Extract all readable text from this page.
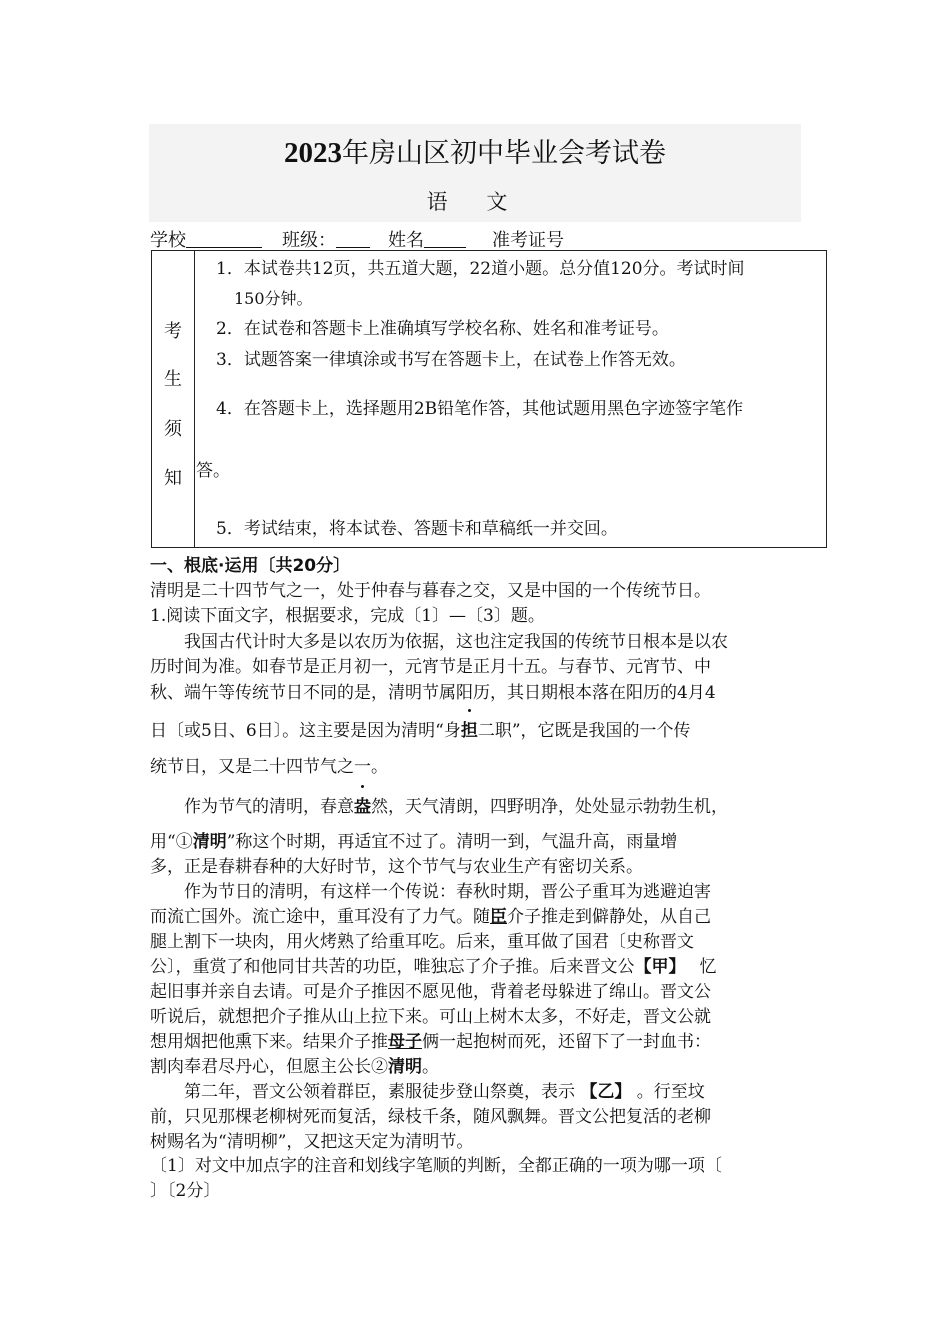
2023年房山区初中毕业会考试卷
语 文
学校	班级：	姓名	准考证号
考
生
须
知
1．本试卷共12页，共五道大题，22道小题。总分值120分。考试时间
150分钟。
2．在试卷和答题卡上准确填写学校名称、姓名和准考证号。
3．试题答案一律填涂或书写在答题卡上，在试卷上作答无效。
4．在答题卡上，选择题用2B铅笔作答，其他试题用黑色字迹签字笔作
答。
5．考试结束，将本试卷、答题卡和草稿纸一并交回。
一、根底·运用〔共20分〕
清明是二十四节气之一，处于仲春与暮春之交，又是中国的一个传统节日。
1.阅读下面文字，根据要求，完成〔1〕—〔3〕题。
我国古代计时大多是以农历为依据，这也注定我国的传统节日根本是以农
历时间为准。如春节是正月初一，元宵节是正月十五。与春节、元宵节、中
秋、端午等传统节日不同的是，清明节属阳历，其日期根本落在阳历的4月4
日〔或5日、6日〕。这主要是因为清明“身担二职”，它既是我国的一个传
统节日，又是二十四节气之一。
作为节气的清明，春意盎然，天气清朗，四野明净，处处显示勃勃生机，
用“①清明”称这个时期，再适宜不过了。清明一到，气温升高，雨量增
多，正是春耕春种的大好时节，这个节气与农业生产有密切关系。
作为节日的清明，有这样一个传说：春秋时期，晋公子重耳为逃避迫害
而流亡国外。流亡途中，重耳没有了力气。随臣介子推走到僻静处，从自己
腿上割下一块肉，用火烤熟了给重耳吃。后来，重耳做了国君〔史称晋文
公〕，重赏了和他同甘共苦的功臣，唯独忘了介子推。后来晋文公【甲】 忆
起旧事并亲自去请。可是介子推因不愿见他，背着老母躲进了绵山。晋文公
听说后，就想把介子推从山上拉下来。可山上树木太多，不好走，晋文公就
想用烟把他熏下来。结果介子推母子俩一起抱树而死，还留下了一封血书：
割肉奉君尽丹心，但愿主公长②清明。
第二年，晋文公领着群臣，素服徒步登山祭奠，表示 【乙】 。行至坟
前，只见那棵老柳树死而复活，绿枝千条，随风飘舞。晋文公把复活的老柳
树赐名为“清明柳”，又把这天定为清明节。
〔1〕对文中加点字的注音和划线字笔顺的判断，全都正确的一项为哪一项〔
〕〔2分〕
